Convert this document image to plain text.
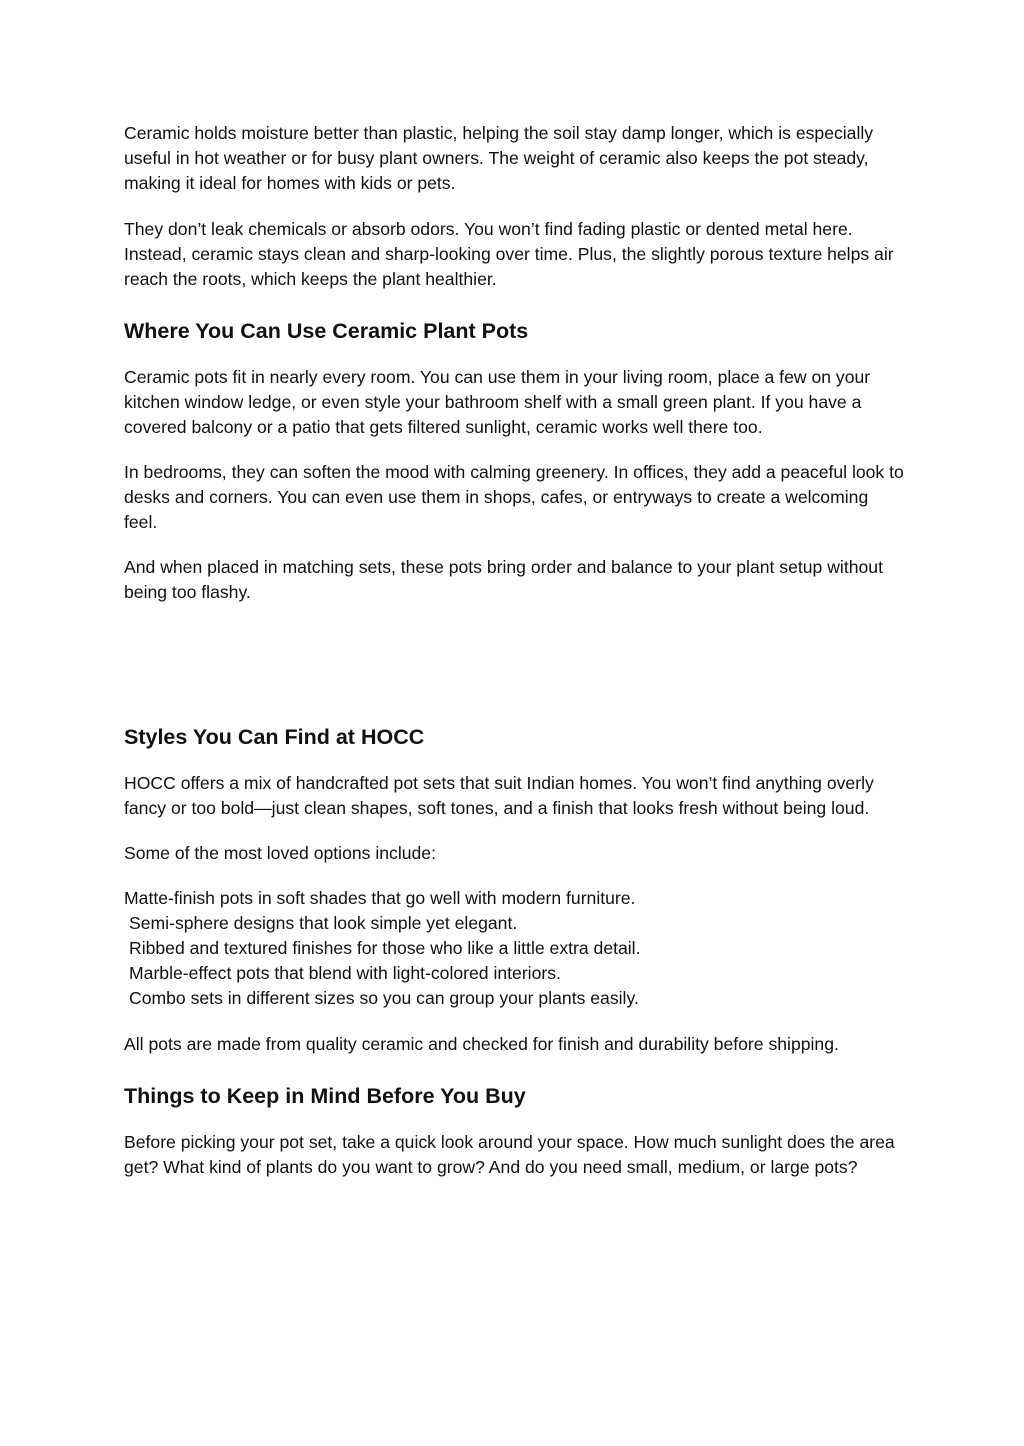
Ceramic holds moisture better than plastic, helping the soil stay damp longer, which is especially useful in hot weather or for busy plant owners. The weight of ceramic also keeps the pot steady, making it ideal for homes with kids or pets.

They don’t leak chemicals or absorb odors. You won’t find fading plastic or dented metal here. Instead, ceramic stays clean and sharp-looking over time. Plus, the slightly porous texture helps air reach the roots, which keeps the plant healthier.

Where You Can Use Ceramic Plant Pots

Ceramic pots fit in nearly every room. You can use them in your living room, place a few on your kitchen window ledge, or even style your bathroom shelf with a small green plant. If you have a covered balcony or a patio that gets filtered sunlight, ceramic works well there too.

In bedrooms, they can soften the mood with calming greenery. In offices, they add a peaceful look to desks and corners. You can even use them in shops, cafes, or entryways to create a welcoming feel.

And when placed in matching sets, these pots bring order and balance to your plant setup without being too flashy.

Styles You Can Find at HOCC

HOCC offers a mix of handcrafted pot sets that suit Indian homes. You won’t find anything overly fancy or too bold—just clean shapes, soft tones, and a finish that looks fresh without being loud.

Some of the most loved options include:

Matte-finish pots in soft shades that go well with modern furniture.
Semi-sphere designs that look simple yet elegant.
Ribbed and textured finishes for those who like a little extra detail.
Marble-effect pots that blend with light-colored interiors.
Combo sets in different sizes so you can group your plants easily.

All pots are made from quality ceramic and checked for finish and durability before shipping.

Things to Keep in Mind Before You Buy

Before picking your pot set, take a quick look around your space. How much sunlight does the area get? What kind of plants do you want to grow? And do you need small, medium, or large pots?
